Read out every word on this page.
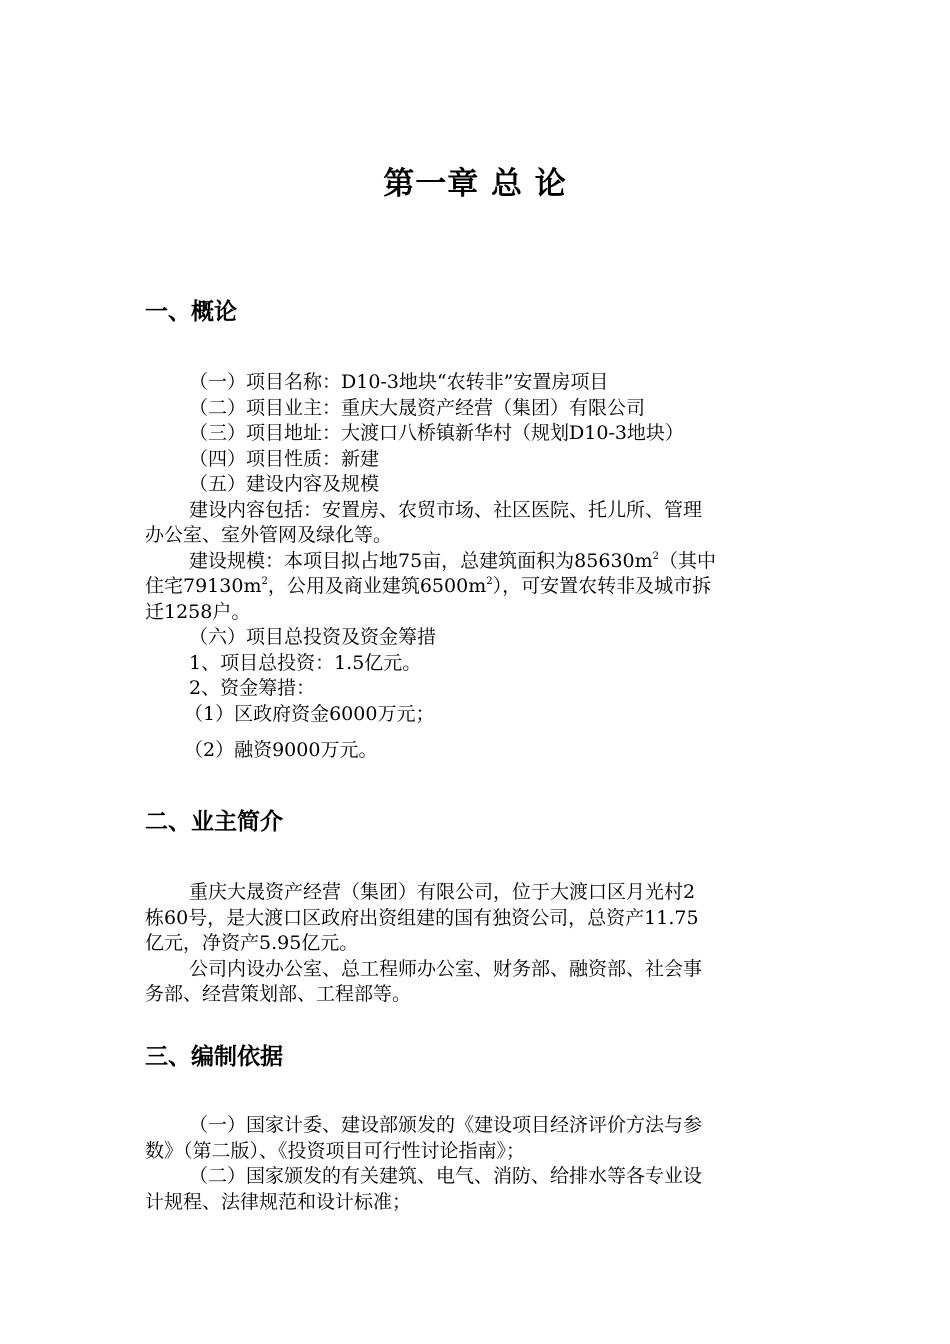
第一章 总 论
一、概论
（一）项目名称：D10-3地块“农转非”安置房项目
（二）项目业主：重庆大晟资产经营（集团）有限公司
（三）项目地址：大渡口八桥镇新华村（规划D10-3地块）
（四）项目性质：新建
（五）建设内容及规模
建设内容包括：安置房、农贸市场、社区医院、托儿所、管理
办公室、室外管网及绿化等。
建设规模：本项目拟占地75亩，总建筑面积为$85630m^2$（其中
住宅$79130m^2$，公用及商业建筑$6500m^2$），可安置农转非及城市拆
迁1258户。
（六）项目总投资及资金筹措
1、项目总投资：1.5亿元。
2、资金筹措：
（1）区政府资金6000万元；
（2）融资9000万元。
二、业主简介
重庆大晟资产经营（集团）有限公司，位于大渡口区月光村2
栋60号，是大渡口区政府出资组建的国有独资公司，总资产11.75
亿元，净资产5.95亿元。
公司内设办公室、总工程师办公室、财务部、融资部、社会事
务部、经营策划部、工程部等。
三、编制依据
（一）国家计委、建设部颁发的《建设项目经济评价方法与参
数》（第二版）、《投资项目可行性讨论指南》；
（二）国家颁发的有关建筑、电气、消防、给排水等各专业设
计规程、法律规范和设计标准；
